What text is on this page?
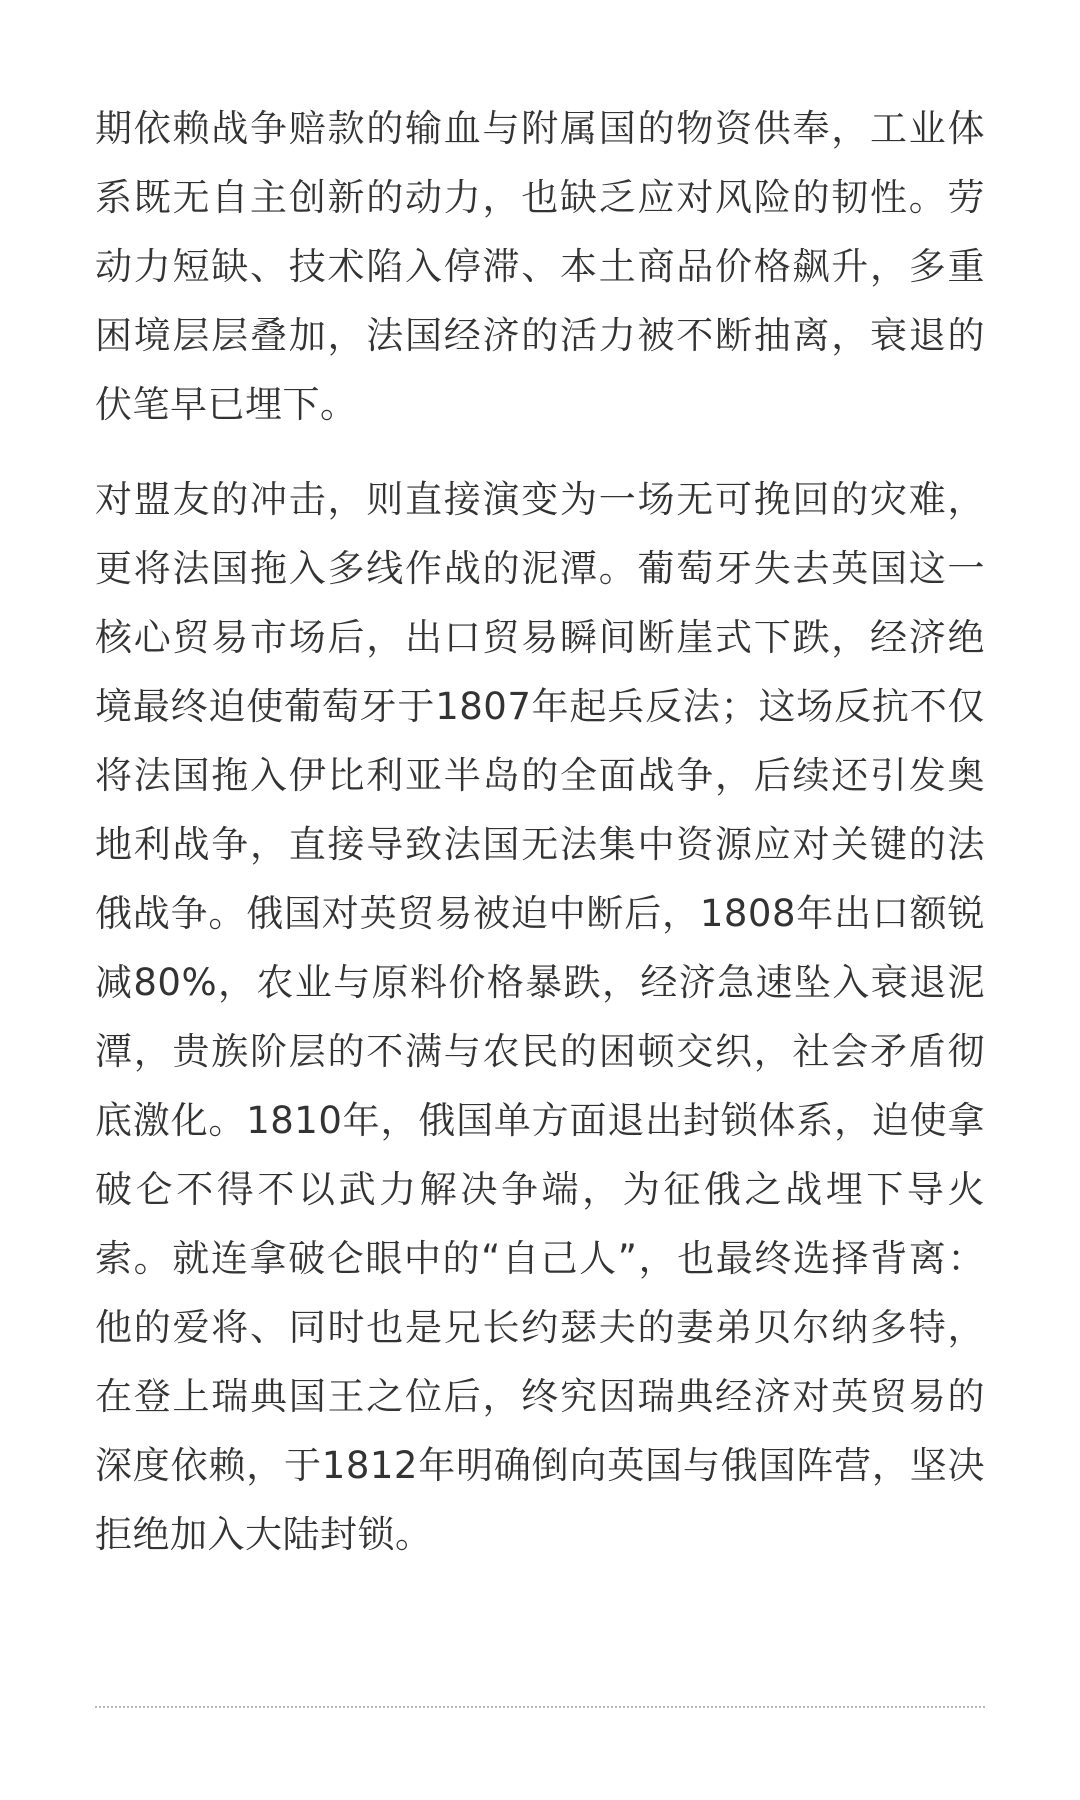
期依赖战争赔款的输血与附属国的物资供奉，工业体系既无自主创新的动力，也缺乏应对风险的韧性。劳动力短缺、技术陷入停滞、本土商品价格飙升，多重困境层层叠加，法国经济的活力被不断抽离，衰退的伏笔早已埋下。

对盟友的冲击，则直接演变为一场无可挽回的灾难，更将法国拖入多线作战的泥潭。葡萄牙失去英国这一核心贸易市场后，出口贸易瞬间断崖式下跌，经济绝境最终迫使葡萄牙于1807年起兵反法；这场反抗不仅将法国拖入伊比利亚半岛的全面战争，后续还引发奥地利战争，直接导致法国无法集中资源应对关键的法俄战争。俄国对英贸易被迫中断后，1808年出口额锐减80%，农业与原料价格暴跌，经济急速坠入衰退泥潭，贵族阶层的不满与农民的困顿交织，社会矛盾彻底激化。1810年，俄国单方面退出封锁体系，迫使拿破仑不得不以武力解决争端，为征俄之战埋下导火索。就连拿破仑眼中的“自己人”，也最终选择背离：他的爱将、同时也是兄长约瑟夫的妻弟贝尔纳多特，在登上瑞典国王之位后，终究因瑞典经济对英贸易的深度依赖，于1812年明确倒向英国与俄国阵营，坚决拒绝加入大陆封锁。
